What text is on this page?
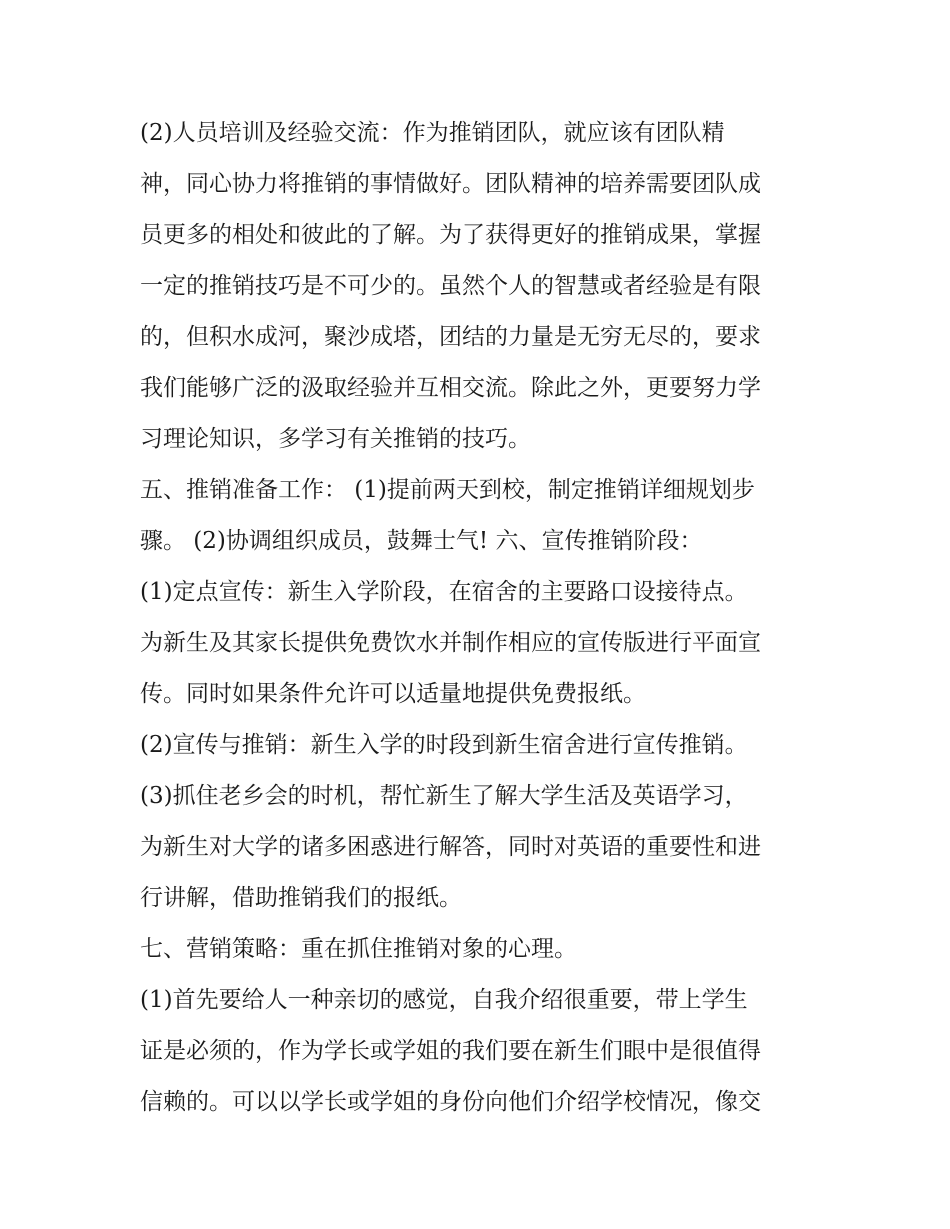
(2)人员培训及经验交流：作为推销团队，就应该有团队精
神，同心协力将推销的事情做好。团队精神的培养需要团队成
员更多的相处和彼此的了解。为了获得更好的推销成果，掌握
一定的推销技巧是不可少的。虽然个人的智慧或者经验是有限
的，但积水成河，聚沙成塔，团结的力量是无穷无尽的，要求
我们能够广泛的汲取经验并互相交流。除此之外，更要努力学
习理论知识，多学习有关推销的技巧。
五、推销准备工作： (1)提前两天到校，制定推销详细规划步
骤。 (2)协调组织成员，鼓舞士气! 六、宣传推销阶段：
(1)定点宣传：新生入学阶段，在宿舍的主要路口设接待点。
为新生及其家长提供免费饮水并制作相应的宣传版进行平面宣
传。同时如果条件允许可以适量地提供免费报纸。
(2)宣传与推销：新生入学的时段到新生宿舍进行宣传推销。
(3)抓住老乡会的时机，帮忙新生了解大学生活及英语学习，
为新生对大学的诸多困惑进行解答，同时对英语的重要性和进
行讲解，借助推销我们的报纸。
七、营销策略：重在抓住推销对象的心理。
(1)首先要给人一种亲切的感觉，自我介绍很重要，带上学生
证是必须的，作为学长或学姐的我们要在新生们眼中是很值得
信赖的。可以以学长或学姐的身份向他们介绍学校情况，像交
